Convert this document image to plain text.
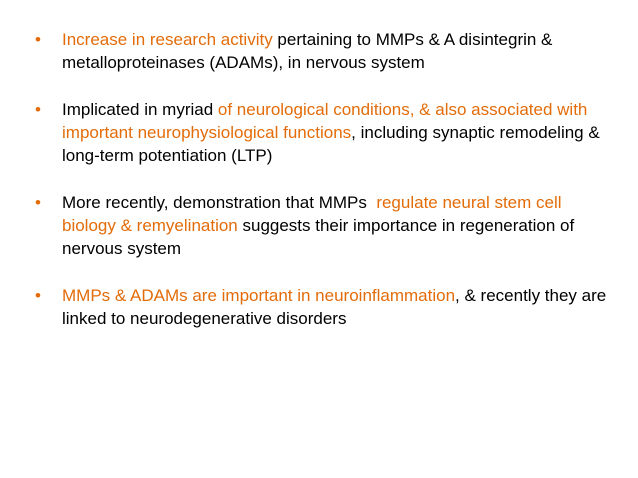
• Increase in research activity pertaining to MMPs & A disintegrin & metalloproteinases (ADAMs), in nervous system
• Implicated in myriad of neurological conditions, & also associated with important neurophysiological functions, including synaptic remodeling & long-term potentiation (LTP)
• More recently, demonstration that MMPs  regulate neural stem cell biology & remyelination suggests their importance in regeneration of nervous system
• MMPs & ADAMs are important in neuroinflammation, & recently they are linked to neurodegenerative disorders
